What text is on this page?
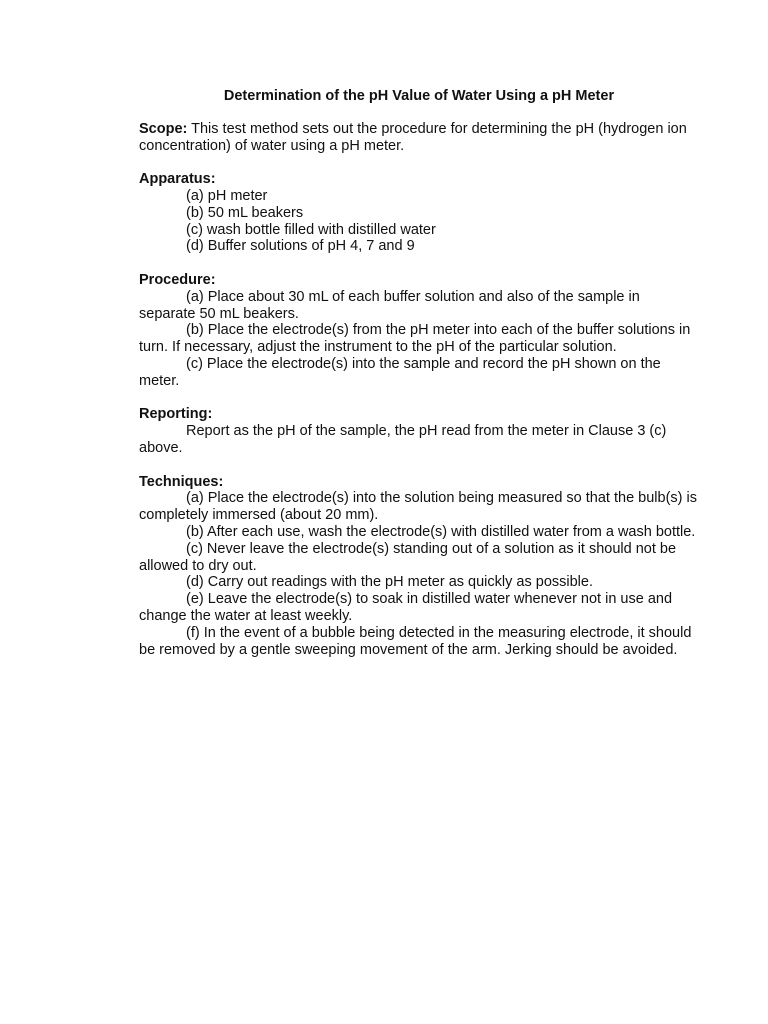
Determination of the pH Value of Water Using a pH Meter

Scope: This test method sets out the procedure for determining the pH (hydrogen ion concentration) of water using a pH meter.

Apparatus:
(a) pH meter
(b) 50 mL beakers
(c) wash bottle filled with distilled water
(d) Buffer solutions of pH 4, 7 and 9
Procedure:

(a) Place about 30 mL of each buffer solution and also of the sample in separate 50 mL beakers.

(b) Place the electrode(s) from the pH meter into each of the buffer solutions in turn. If necessary, adjust the instrument to the pH of the particular solution.

(c) Place the electrode(s) into the sample and record the pH shown on the meter.

Reporting:

Report as the pH of the sample, the pH read from the meter in Clause 3 (c) above.

Techniques:

(a) Place the electrode(s) into the solution being measured so that the bulb(s) is completely immersed (about 20 mm).

(b) After each use, wash the electrode(s) with distilled water from a wash bottle.

(c) Never leave the electrode(s) standing out of a solution as it should not be allowed to dry out.

(d) Carry out readings with the pH meter as quickly as possible.

(e) Leave the electrode(s) to soak in distilled water whenever not in use and change the water at least weekly.

(f) In the event of a bubble being detected in the measuring electrode, it should be removed by a gentle sweeping movement of the arm. Jerking should be avoided.
